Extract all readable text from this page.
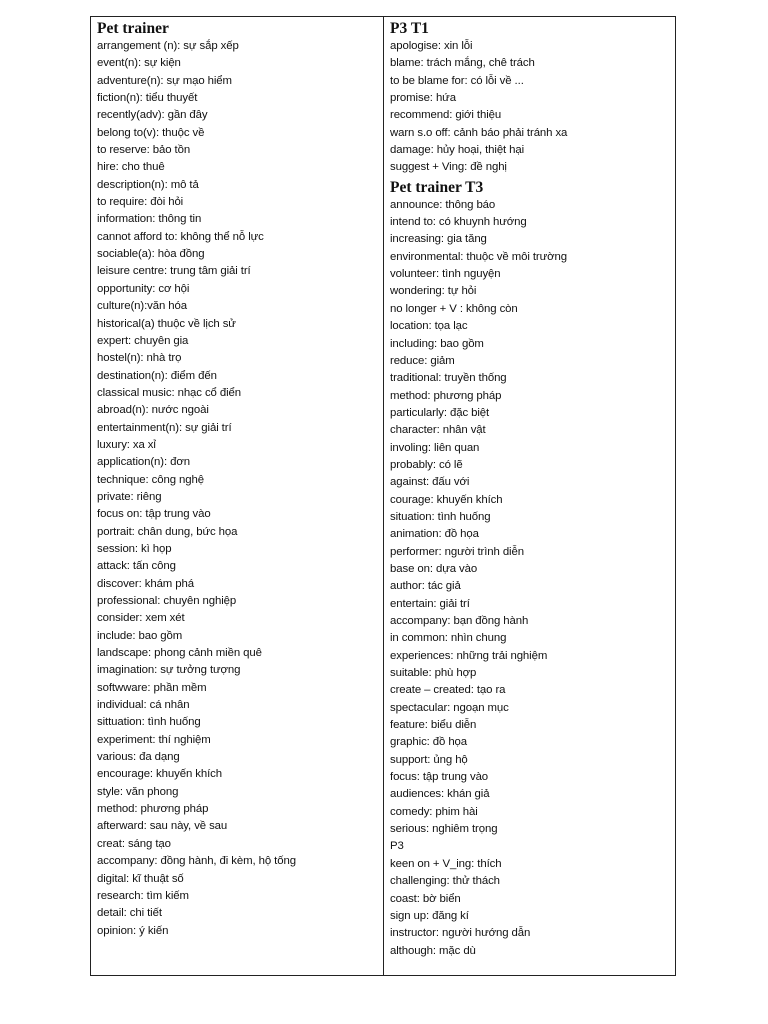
Pet trainer
arrangement (n): sự sắp xếp
event(n): sự kiện
adventure(n): sự mạo hiểm
fiction(n): tiểu thuyết
recently(adv): gần đây
belong to(v): thuộc về
to reserve: bảo tồn
hire: cho thuê
description(n): mô tả
to require: đòi hỏi
information: thông tin
cannot afford to: không thể nỗ lực
sociable(a): hòa đồng
leisure centre: trung tâm giải trí
opportunity: cơ hội
culture(n):văn hóa
historical(a) thuộc về lịch sử
expert: chuyên gia
hostel(n): nhà trọ
destination(n): điểm đến
classical music: nhạc cổ điển
abroad(n): nước ngoài
entertainment(n): sự giải trí
luxury: xa xỉ
application(n): đơn
technique: công nghệ
private: riêng
focus on: tập trung vào
portrait: chân dung, bức họa
session: kì họp
attack: tấn công
discover: khám phá
professional: chuyên nghiệp
consider: xem xét
include: bao gồm
landscape: phong cảnh miền quê
imagination: sự tưởng tượng
softwware: phần mềm
individual: cá nhân
sittuation: tình huống
experiment: thí nghiệm
various: đa dạng
encourage: khuyến khích
style: văn phong
method: phương pháp
afterward: sau này, về sau
creat: sáng tạo
accompany: đồng hành, đi kèm, hộ tống
digital: kĩ thuật số
research: tìm kiếm
detail: chi tiết
opinion: ý kiến
P3 T1
apologise: xin lỗi
blame: trách mắng, chê trách
to be blame for: có lỗi về ...
promise: hứa
recommend: giới thiệu
warn s.o off: cảnh báo phải tránh xa
damage: hủy hoại, thiệt hại
suggest + Ving: đề nghị
Pet trainer T3
announce: thông báo
intend to: có khuynh hướng
increasing: gia tăng
environmental: thuộc về môi trường
volunteer: tình nguyện
wondering: tự hỏi
no longer + V : không còn
location: tọa lạc
including: bao gồm
reduce: giảm
traditional: truyền thống
method: phương pháp
particularly: đặc biệt
character: nhân vật
involing: liên quan
probably: có lẽ
against: đấu với
courage: khuyến khích
situation: tình huống
animation: đồ họa
performer: người trình diễn
base on: dựa vào
author: tác giả
entertain: giải trí
accompany: bạn đồng hành
in common: nhìn chung
experiences: những trải nghiệm
suitable: phù hợp
create – created: tạo ra
spectacular: ngoạn mục
feature: biểu diễn
graphic: đồ họa
support: ủng hộ
focus: tập trung vào
audiences: khán giả
comedy: phim hài
serious: nghiêm trọng
P3
keen on + V_ing: thích
challenging: thử thách
coast: bờ biển
sign up: đăng kí
instructor: người hướng dẫn
although: mặc dù
